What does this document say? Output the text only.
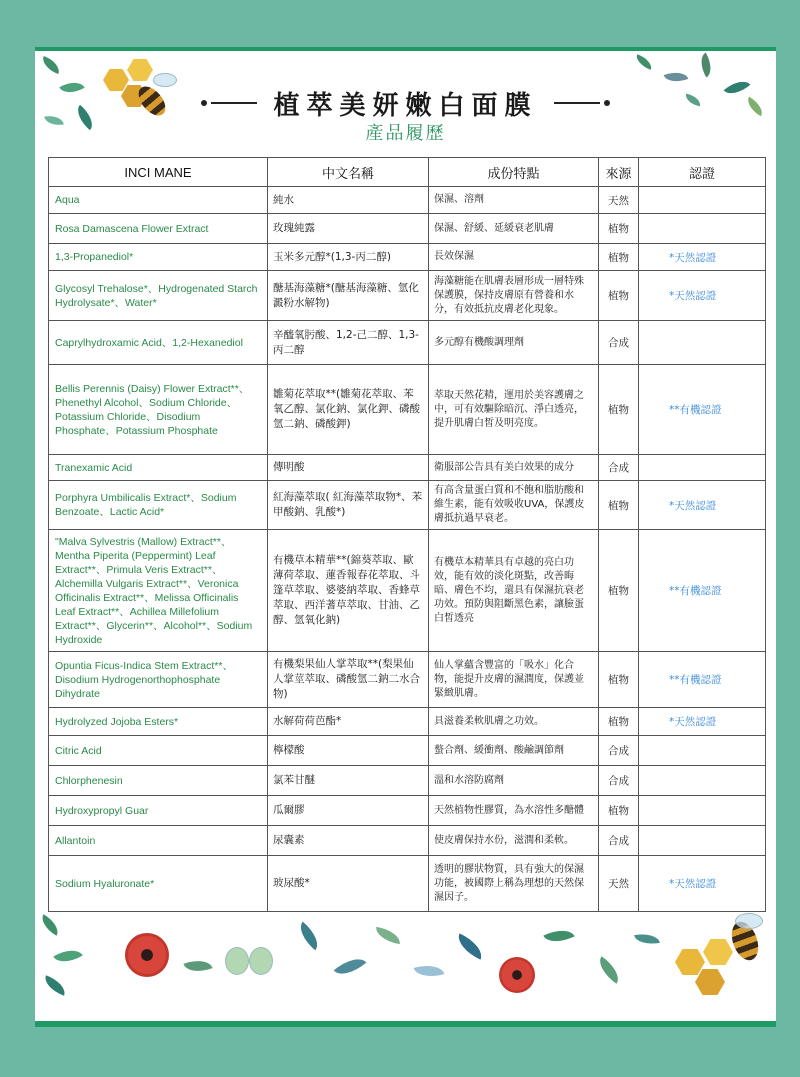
植萃美妍嫩白面膜
產品履歷
INCI MANE	中文名稱	成份特點	來源	認證
Aqua	純水	保濕、溶劑	天然	
Rosa Damascena Flower Extract	玫瑰純露	保濕、舒緩、延緩衰老肌膚	植物	
1,3-Propanediol*	玉米多元醇*(1,3-丙二醇)	長效保濕	植物	*天然認證
Glycosyl Trehalose*、Hydrogenated Starch Hydrolysate*、Water*	醣基海藻糖*(醣基海藻糖、氫化澱粉水解物)	海藻糖能在肌膚表層形成一層特殊保護膜，保持皮膚原有營養和水分，有效抵抗皮膚老化現象。	植物	*天然認證
Caprylhydroxamic Acid、1,2-Hexanediol	辛醯氧肟酸、1,2-己二醇、1,3-丙二醇	多元醇有機酸調理劑	合成	
Bellis Perennis (Daisy) Flower Extract**、Phenethyl Alcohol、Sodium Chloride、Potassium Chloride、Disodium Phosphate、Potassium Phosphate	雛菊花萃取**(雛菊花萃取、苯氧乙醇、氯化鈉、氯化鉀、磷酸氫二鈉、磷酸鉀)	萃取天然花精，運用於美容護膚之中，可有效驅除暗沉、淨白透亮，提升肌膚白皙及明亮度。	植物	**有機認證
Tranexamic Acid	傳明酸	衛服部公告具有美白效果的成分	合成	
Porphyra Umbilicalis Extract*、Sodium Benzoate、Lactic Acid*	紅海藻萃取( 紅海藻萃取物*、苯甲酸鈉、乳酸*)	有高含量蛋白質和不飽和脂肪酸和維生素，能有效吸收UVA，保護皮膚抵抗過早衰老。	植物	*天然認證
"Malva Sylvestris (Mallow) Extract**、Mentha Piperita (Peppermint) Leaf Extract**、Primula Veris Extract**、Alchemilla Vulgaris Extract**、Veronica Officinalis Extract**、Melissa Officinalis Leaf Extract**、Achillea Millefolium Extract**、Glycerin**、Alcohol**、Sodium Hydroxide	有機草本精華**(錦葵萃取、歐薄荷萃取、蓮香報春花萃取、斗篷草萃取、婆婆納萃取、香蜂草萃取、西洋蓍草萃取、甘油、乙醇、氫氧化鈉)	有機草本精華具有卓越的亮白功效，能有效的淡化斑點，改善晦暗、膚色不均，還具有保濕抗衰老功效。預防與阻斷黑色素，讓臉蛋白皙透亮	植物	**有機認證
Opuntia Ficus-Indica Stem Extract**、Disodium Hydrogenorthophosphate Dihydrate	有機梨果仙人掌萃取**(梨果仙人掌莖萃取、磷酸氫二鈉二水合物)	仙人掌蘊含豐富的「吸水」化合物，能提升皮膚的濕潤度，保護並緊緻肌膚。	植物	**有機認證
Hydrolyzed Jojoba Esters*	水解荷荷芭酯*	具滋養柔軟肌膚之功效。	植物	*天然認證
Citric Acid	檸檬酸	螯合劑、緩衝劑、酸鹼調節劑	合成	
Chlorphenesin	氯苯甘醚	溫和水溶防腐劑	合成	
Hydroxypropyl Guar	瓜爾膠	天然植物性膠質，為水溶性多醣體	植物	
Allantoin	尿囊素	使皮膚保持水份，滋潤和柔軟。	合成	
Sodium Hyaluronate*	玻尿酸*	透明的膠狀物質，具有強大的保濕功能，被國際上稱為理想的天然保濕因子。	天然	*天然認證
